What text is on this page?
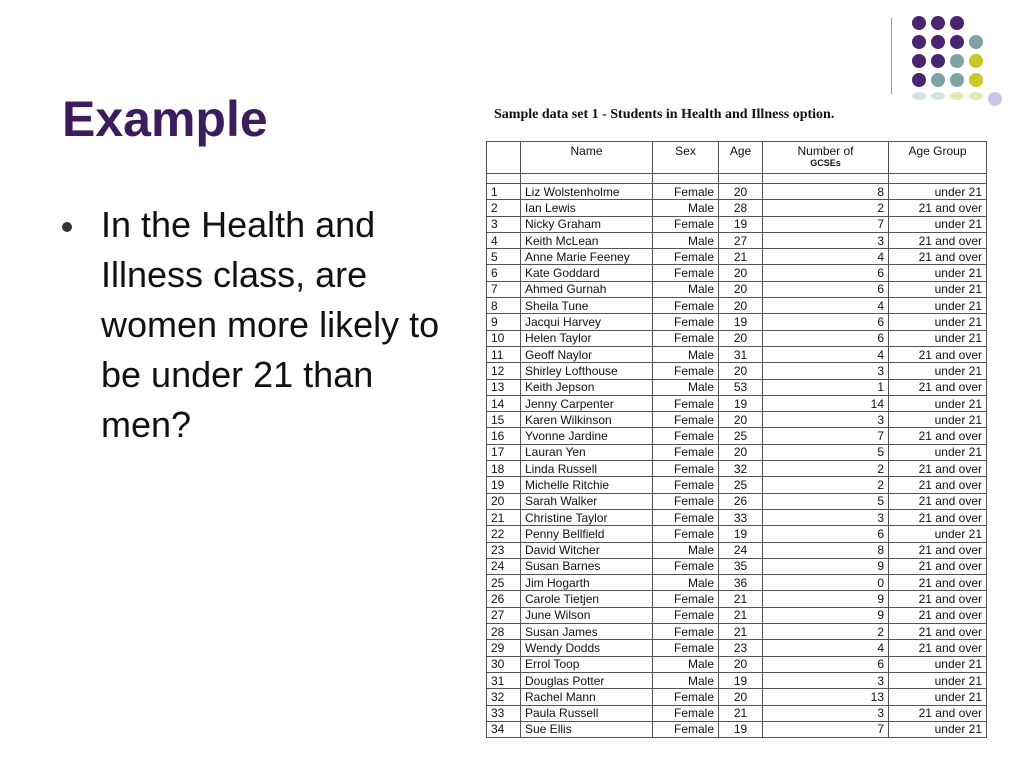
Example
In the Health and Illness class, are women more likely to be under 21 than men?
Sample data set 1 - Students in Health and Illness option.
	Name	Sex	Age	Number of
GCSEs	Age Group

1	Liz Wolstenholme	Female	20	8	under 21
2	Ian Lewis	Male	28	2	21 and over
3	Nicky Graham	Female	19	7	under 21
4	Keith McLean	Male	27	3	21 and over
5	Anne Marie Feeney	Female	21	4	21 and over
6	Kate Goddard	Female	20	6	under 21
7	Ahmed Gurnah	Male	20	6	under 21
8	Sheila Tune	Female	20	4	under 21
9	Jacqui Harvey	Female	19	6	under 21
10	Helen Taylor	Female	20	6	under 21
11	Geoff Naylor	Male	31	4	21 and over
12	Shirley Lofthouse	Female	20	3	under 21
13	Keith Jepson	Male	53	1	21 and over
14	Jenny Carpenter	Female	19	14	under 21
15	Karen Wilkinson	Female	20	3	under 21
16	Yvonne Jardine	Female	25	7	21 and over
17	Lauran Yen	Female	20	5	under 21
18	Linda Russell	Female	32	2	21 and over
19	Michelle Ritchie	Female	25	2	21 and over
20	Sarah Walker	Female	26	5	21 and over
21	Christine Taylor	Female	33	3	21 and over
22	Penny Bellfield	Female	19	6	under 21
23	David Witcher	Male	24	8	21 and over
24	Susan Barnes	Female	35	9	21 and over
25	Jim Hogarth	Male	36	0	21 and over
26	Carole Tietjen	Female	21	9	21 and over
27	June Wilson	Female	21	9	21 and over
28	Susan James	Female	21	2	21 and over
29	Wendy Dodds	Female	23	4	21 and over
30	Errol Toop	Male	20	6	under 21
31	Douglas Potter	Male	19	3	under 21
32	Rachel Mann	Female	20	13	under 21
33	Paula Russell	Female	21	3	21 and over
34	Sue Ellis	Female	19	7	under 21
